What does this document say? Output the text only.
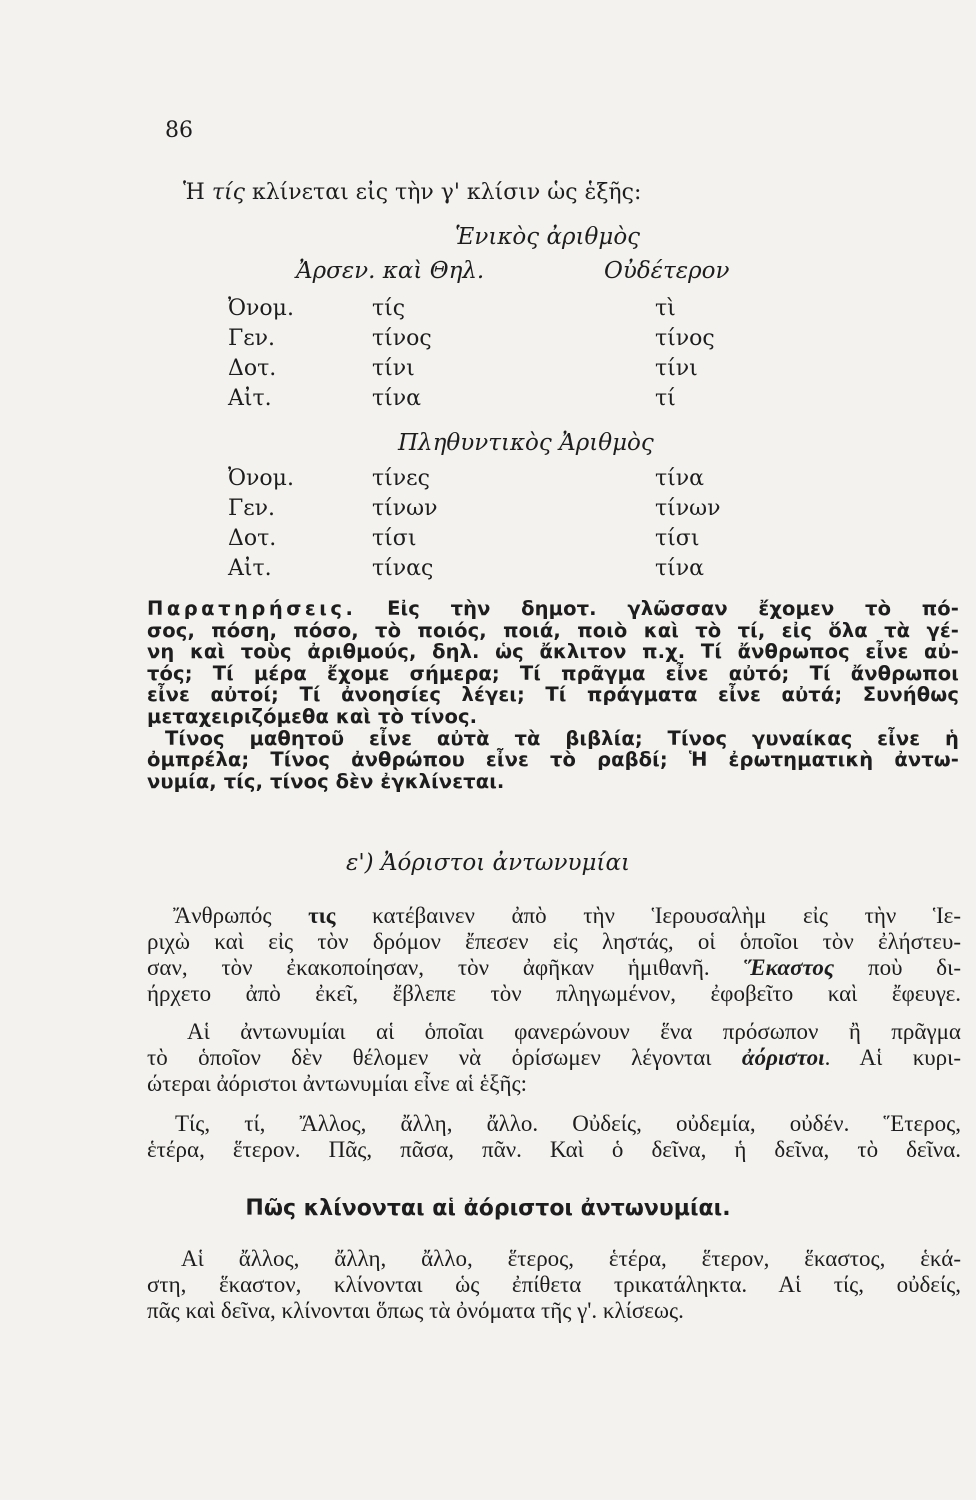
86
Ἡ τίς κλίνεται εἰς τὴν γ' κλίσιν ὡς ἑξῆς:
Ἑνικὸς ἀριθμὸς
Ἀρσεν. καὶ Θηλ.	Οὐδέτερον
Ὀνομ.	τίς	τὶ
Γεν.	τίνος	τίνος
Δοτ.	τίνι	τίνι
Αἰτ.	τίνα	τί
Πληθυντικὸς Ἀριθμὸς
Ὀνομ.	τίνες	τίνα
Γεν.	τίνων	τίνων
Δοτ.	τίσι	τίσι
Αἰτ.	τίνας	τίνα
Παρατηρήσεις. Εἰς τὴν δημοτ. γλῶσσαν ἔχομεν τὸ πό-
σος, πόση, πόσο, τὸ ποιός, ποιά, ποιὸ καὶ τὸ τί, εἰς ὅλα τὰ γέ-
νη καὶ τοὺς ἀριθμούς, δηλ. ὡς ἄκλιτον π.χ. Τί ἄνθρωπος εἶνε αὐ-
τός; Τί μέρα ἔχομε σήμερα; Τί πρᾶγμα εἶνε αὐτό; Τί ἄνθρωποι
εἶνε αὐτοί; Τί ἀνοησίες λέγει; Τί πράγματα εἶνε αὐτά; Συνήθως
μεταχειριζόμεθα καὶ τὸ τίνος.
Τίνος μαθητοῦ εἶνε αὐτὰ τὰ βιβλία; Τίνος γυναίκας εἶνε ἡ
ὀμπρέλα; Τίνος ἀνθρώπου εἶνε τὸ ραβδί; Ἡ ἐρωτηματικὴ ἀντω-
νυμία, τίς, τίνος δὲν ἐγκλίνεται.
ε') Ἀόριστοι ἀντωνυμίαι
Ἄνθρωπός τις κατέβαινεν ἀπὸ τὴν Ἱερουσαλὴμ εἰς τὴν Ἱε-
ριχὼ καὶ εἰς τὸν δρόμον ἔπεσεν εἰς ληστάς, οἱ ὁποῖοι τὸν ἐλήστευ-
σαν, τὸν ἐκακοποίησαν, τὸν ἀφῆκαν ἡμιθανῆ. Ἕκαστος ποὺ δι-
ήρχετο ἀπὸ ἐκεῖ, ἔβλεπε τὸν πληγωμένον, ἐφοβεῖτο καὶ ἔφευγε.
Αἱ ἀντωνυμίαι αἱ ὁποῖαι φανερώνουν ἕνα πρόσωπον ἢ πρᾶγμα
τὸ ὁποῖον δὲν θέλομεν νὰ ὁρίσωμεν λέγονται ἀόριστοι. Αἱ κυρι-
ώτεραι ἀόριστοι ἀντωνυμίαι εἶνε αἱ ἑξῆς:
Τίς, τί, Ἄλλος, ἄλλη, ἄλλο. Οὐδείς, οὐδεμία, οὐδέν. Ἕτερος,
ἑτέρα, ἕτερον. Πᾶς, πᾶσα, πᾶν. Καὶ ὁ δεῖνα, ἡ δεῖνα, τὸ δεῖνα.
Πῶς κλίνονται αἱ ἀόριστοι ἀντωνυμίαι.
Αἱ ἄλλος, ἄλλη, ἄλλο, ἕτερος, ἑτέρα, ἕτερον, ἕκαστος, ἑκά-
στη, ἕκαστον, κλίνονται ὡς ἐπίθετα τρικατάληκτα. Αἱ τίς, οὐδείς,
πᾶς καὶ δεῖνα, κλίνονται ὅπως τὰ ὀνόματα τῆς γ'. κλίσεως.
